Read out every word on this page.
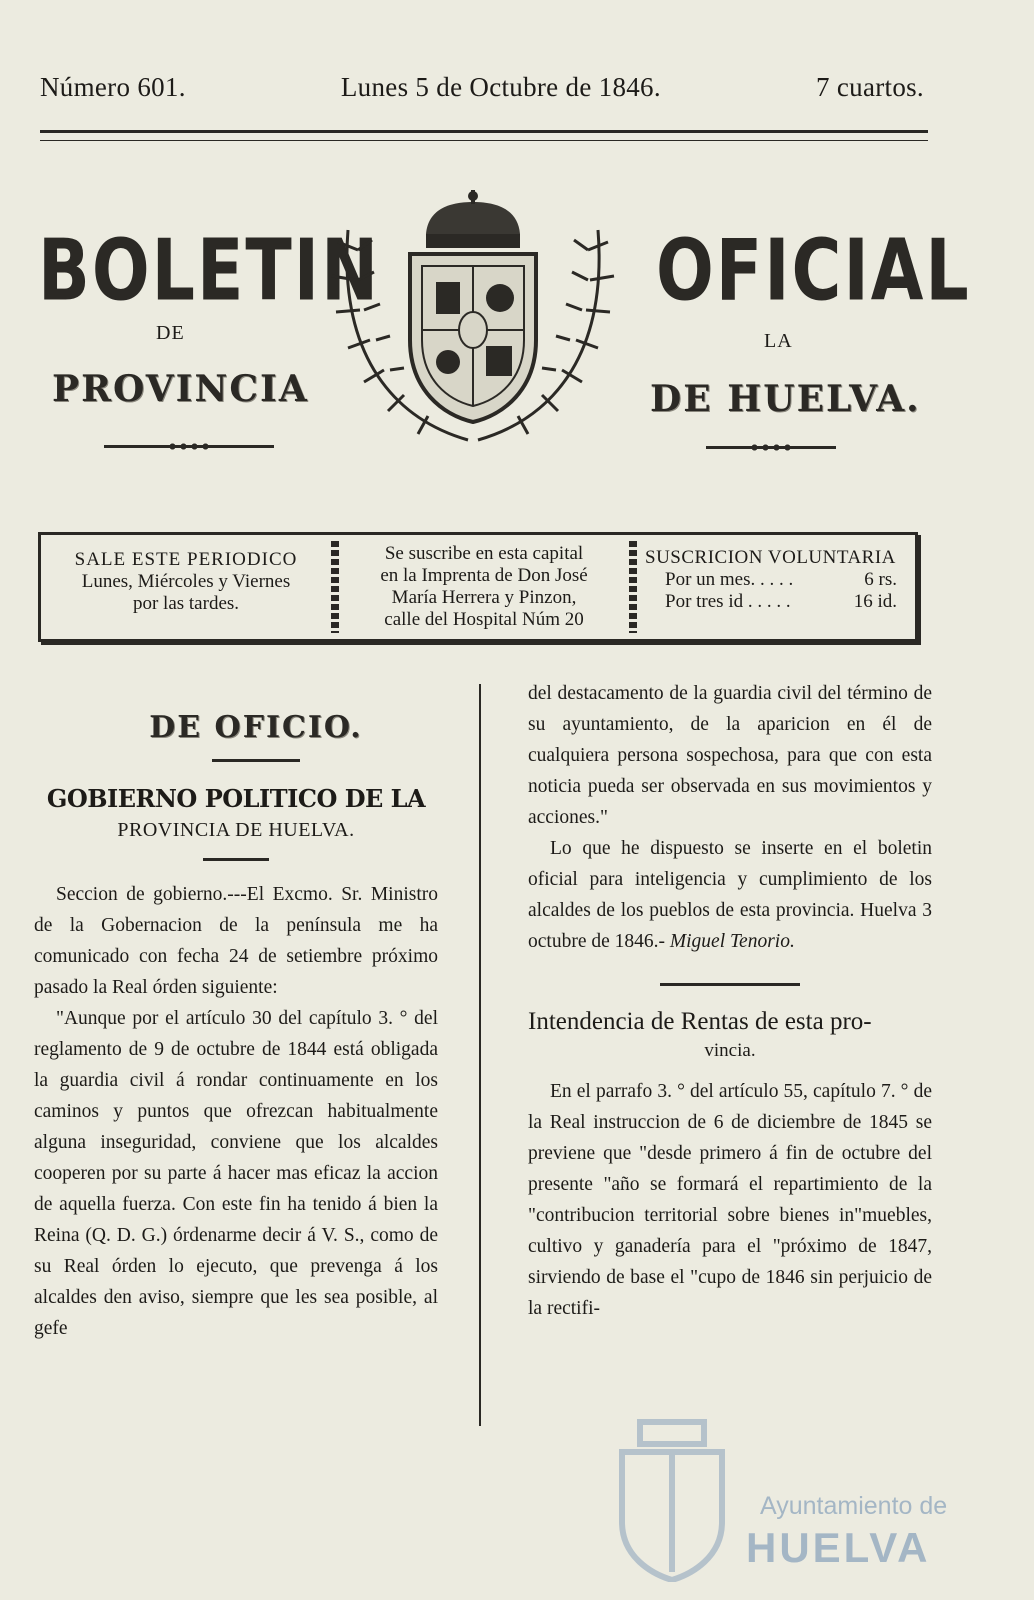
Número 601.	Lunes 5 de Octubre de 1846.	7 cuartos.
BOLETIN	OFICIAL
DE	LA
PROVINCIA	DE HUELVA.
SALE ESTE PERIODICO
Lunes, Miércoles y Viernes
por las tardes.
Se suscribe en esta capital
en la Imprenta de Don José
María Herrera y Pinzon,
calle del Hospital Núm 20
SUSCRICION VOLUNTARIA
Por un mes. . . . .	6 rs.
Por tres id . . . . .	16 id.
DE OFICIO.
GOBIERNO POLITICO DE LA
PROVINCIA DE HUELVA.

Seccion de gobierno.---El Excmo. Sr. Ministro de la Gobernacion de la península me ha comunicado con fecha 24 de setiembre próximo pasado la Real órden siguiente:

"Aunque por el artículo 30 del capítulo 3. ° del reglamento de 9 de octubre de 1844 está obligada la guardia civil á rondar continuamente en los caminos y puntos que ofrezcan habitualmente alguna inseguridad, conviene que los alcaldes cooperen por su parte á hacer mas eficaz la accion de aquella fuerza. Con este fin ha tenido á bien la Reina (Q. D. G.) órdenarme decir á V. S., como de su Real órden lo ejecuto, que prevenga á los alcaldes den aviso, siempre que les sea posible, al gefe

del destacamento de la guardia civil del término de su ayuntamiento, de la aparicion en él de cualquiera persona sospechosa, para que con esta noticia pueda ser observada en sus movimientos y acciones."

Lo que he dispuesto se inserte en el boletin oficial para inteligencia y cumplimiento de los alcaldes de los pueblos de esta provincia. Huelva 3 octubre de 1846.- Miguel Tenorio.

Intendencia de Rentas de esta pro-
vincia.

En el parrafo 3. ° del artículo 55, capítulo 7. ° de la Real instruccion de 6 de diciembre de 1845 se previene que "desde primero á fin de octubre del presente "año se formará el repartimiento de la "contribucion territorial sobre bienes in"muebles, cultivo y ganadería para el "próximo de 1847, sirviendo de base el "cupo de 1846 sin perjuicio de la rectifi-

Ayuntamiento de
HUELVA
